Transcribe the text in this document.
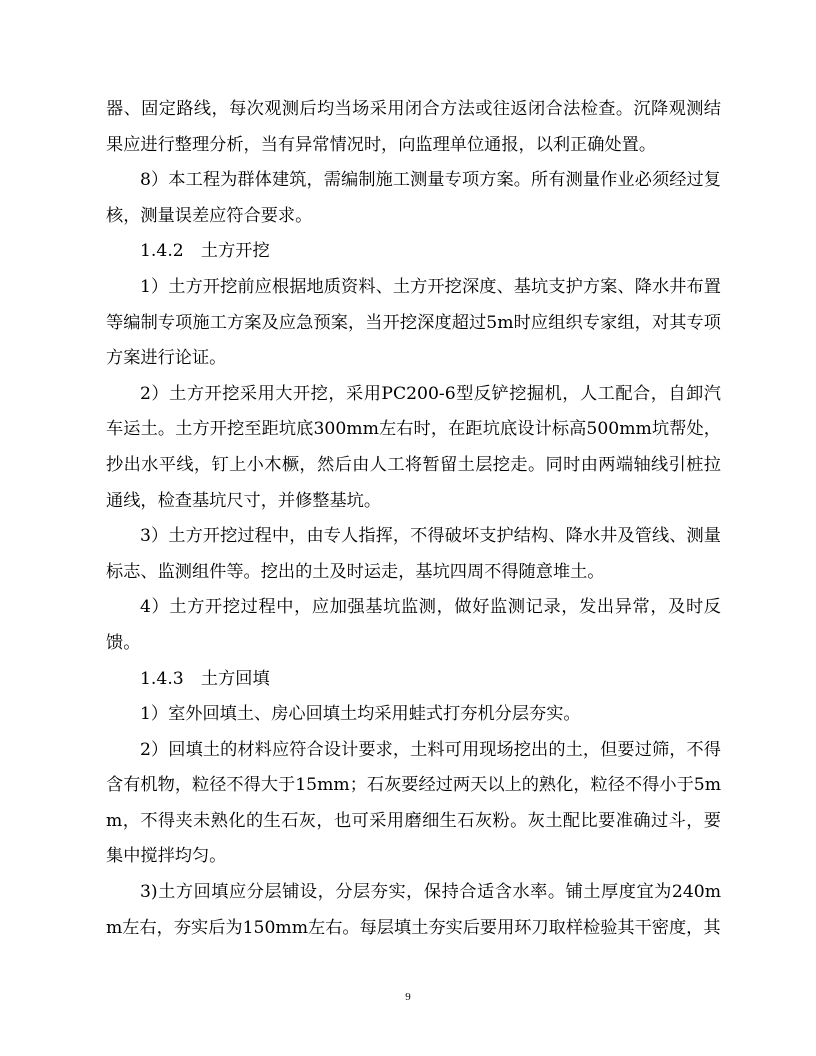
器、固定路线，每次观测后均当场采用闭合方法或往返闭合法检查。沉降观测结果应进行整理分析，当有异常情况时，向监理单位通报，以利正确处置。

8）本工程为群体建筑，需编制施工测量专项方案。所有测量作业必须经过复核，测量误差应符合要求。

1.4.2　土方开挖

1）土方开挖前应根据地质资料、土方开挖深度、基坑支护方案、降水井布置等编制专项施工方案及应急预案，当开挖深度超过5m时应组织专家组，对其专项方案进行论证。

2）土方开挖采用大开挖，采用PC200-6型反铲挖掘机，人工配合，自卸汽车运土。土方开挖至距坑底300mm左右时，在距坑底设计标高500mm坑帮处，抄出水平线，钉上小木橛，然后由人工将暂留土层挖走。同时由两端轴线引桩拉通线，检查基坑尺寸，并修整基坑。

3）土方开挖过程中，由专人指挥，不得破坏支护结构、降水井及管线、测量标志、监测组件等。挖出的土及时运走，基坑四周不得随意堆土。

4）土方开挖过程中，应加强基坑监测，做好监测记录，发出异常，及时反馈。

1.4.3　土方回填

1）室外回填土、房心回填土均采用蛙式打夯机分层夯实。

2）回填土的材料应符合设计要求，土料可用现场挖出的土，但要过筛，不得含有机物，粒径不得大于15mm；石灰要经过两天以上的熟化，粒径不得小于5mm，不得夹未熟化的生石灰，也可采用磨细生石灰粉。灰土配比要准确过斗，要集中搅拌均匀。

3)土方回填应分层铺设，分层夯实，保持合适含水率。铺土厚度宜为240mm左右，夯实后为150mm左右。每层填土夯实后要用环刀取样检验其干密度，其

9
